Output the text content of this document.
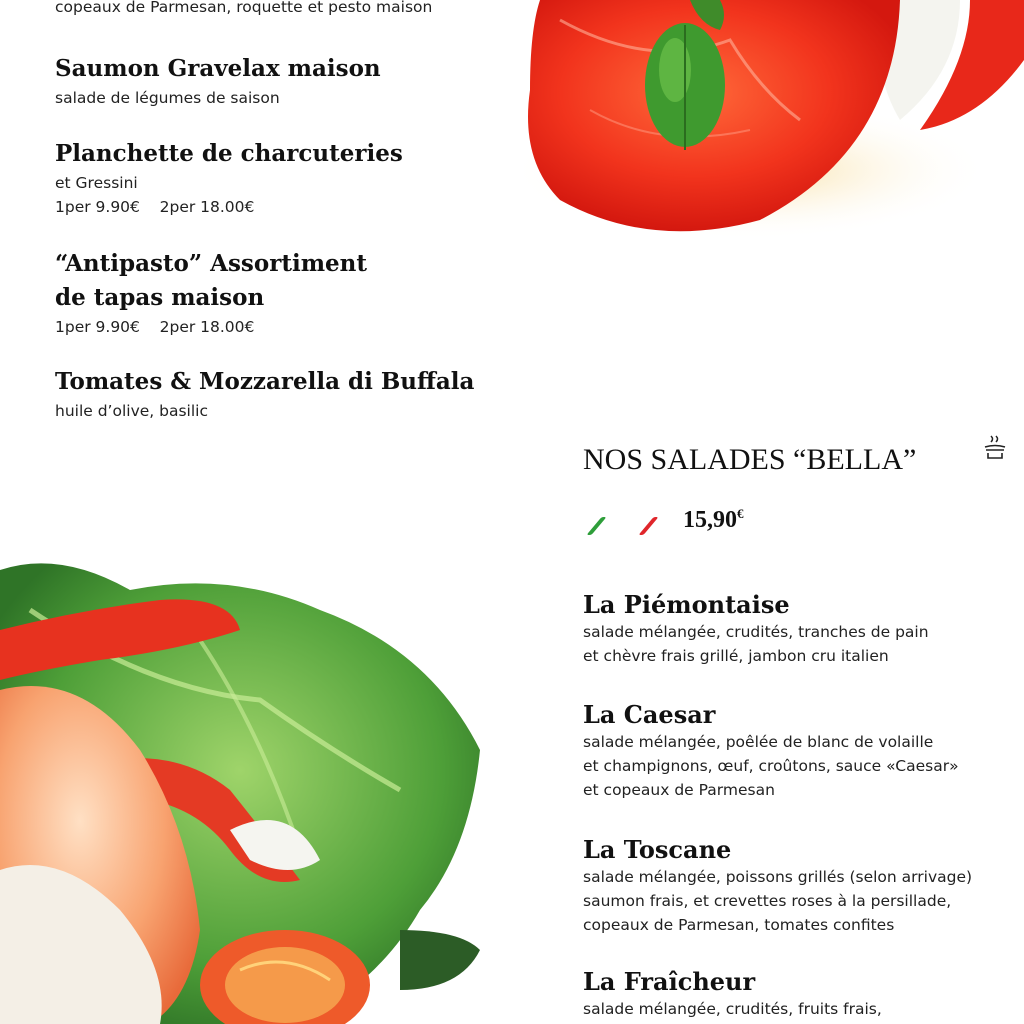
copeaux de Parmesan, roquette et pesto maison
Saumon Gravelax maison
salade de légumes de saison
Planchette de charcuteries
et Gressini
1per 9.90€    2per 18.00€
“Antipasto” Assortiment
de tapas maison
1per 9.90€    2per 18.00€
Tomates & Mozzarella di Buffala
huile d’olive, basilic
NOS SALADES “BELLA”
15,90€
La Piémontaise
salade mélangée, crudités, tranches de pain
et chèvre frais grillé, jambon cru italien
La Caesar
salade mélangée, poêlée de blanc de volaille
et champignons, œuf, croûtons, sauce «Caesar»
et copeaux de Parmesan
La Toscane
salade mélangée, poissons grillés (selon arrivage)
saumon frais, et crevettes roses à la persillade,
copeaux de Parmesan, tomates confites
La Fraîcheur
salade mélangée, crudités, fruits frais,
